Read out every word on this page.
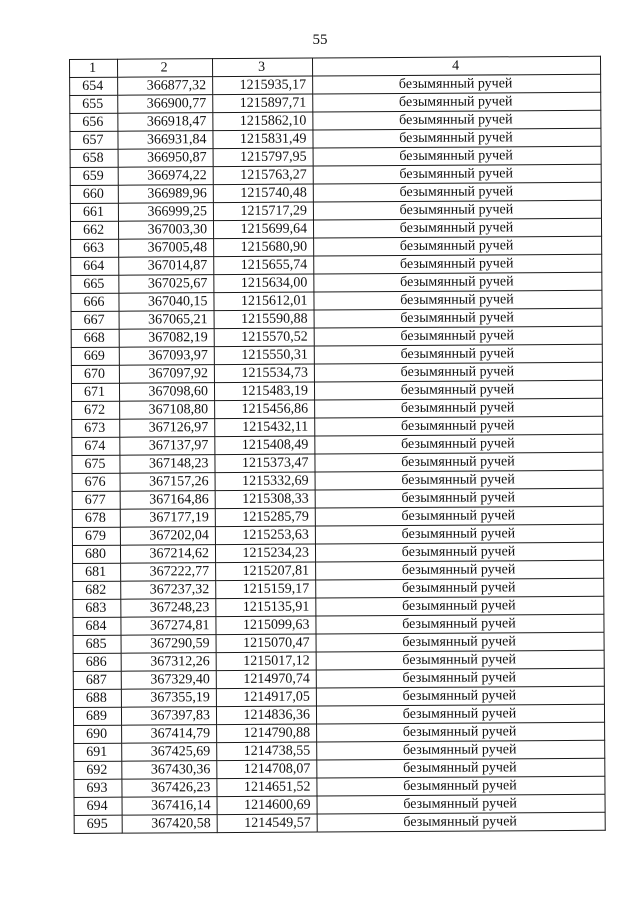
55
1	2	3	4
654	366877,32	1215935,17	безымянный ручей
655	366900,77	1215897,71	безымянный ручей
656	366918,47	1215862,10	безымянный ручей
657	366931,84	1215831,49	безымянный ручей
658	366950,87	1215797,95	безымянный ручей
659	366974,22	1215763,27	безымянный ручей
660	366989,96	1215740,48	безымянный ручей
661	366999,25	1215717,29	безымянный ручей
662	367003,30	1215699,64	безымянный ручей
663	367005,48	1215680,90	безымянный ручей
664	367014,87	1215655,74	безымянный ручей
665	367025,67	1215634,00	безымянный ручей
666	367040,15	1215612,01	безымянный ручей
667	367065,21	1215590,88	безымянный ручей
668	367082,19	1215570,52	безымянный ручей
669	367093,97	1215550,31	безымянный ручей
670	367097,92	1215534,73	безымянный ручей
671	367098,60	1215483,19	безымянный ручей
672	367108,80	1215456,86	безымянный ручей
673	367126,97	1215432,11	безымянный ручей
674	367137,97	1215408,49	безымянный ручей
675	367148,23	1215373,47	безымянный ручей
676	367157,26	1215332,69	безымянный ручей
677	367164,86	1215308,33	безымянный ручей
678	367177,19	1215285,79	безымянный ручей
679	367202,04	1215253,63	безымянный ручей
680	367214,62	1215234,23	безымянный ручей
681	367222,77	1215207,81	безымянный ручей
682	367237,32	1215159,17	безымянный ручей
683	367248,23	1215135,91	безымянный ручей
684	367274,81	1215099,63	безымянный ручей
685	367290,59	1215070,47	безымянный ручей
686	367312,26	1215017,12	безымянный ручей
687	367329,40	1214970,74	безымянный ручей
688	367355,19	1214917,05	безымянный ручей
689	367397,83	1214836,36	безымянный ручей
690	367414,79	1214790,88	безымянный ручей
691	367425,69	1214738,55	безымянный ручей
692	367430,36	1214708,07	безымянный ручей
693	367426,23	1214651,52	безымянный ручей
694	367416,14	1214600,69	безымянный ручей
695	367420,58	1214549,57	безымянный ручей
